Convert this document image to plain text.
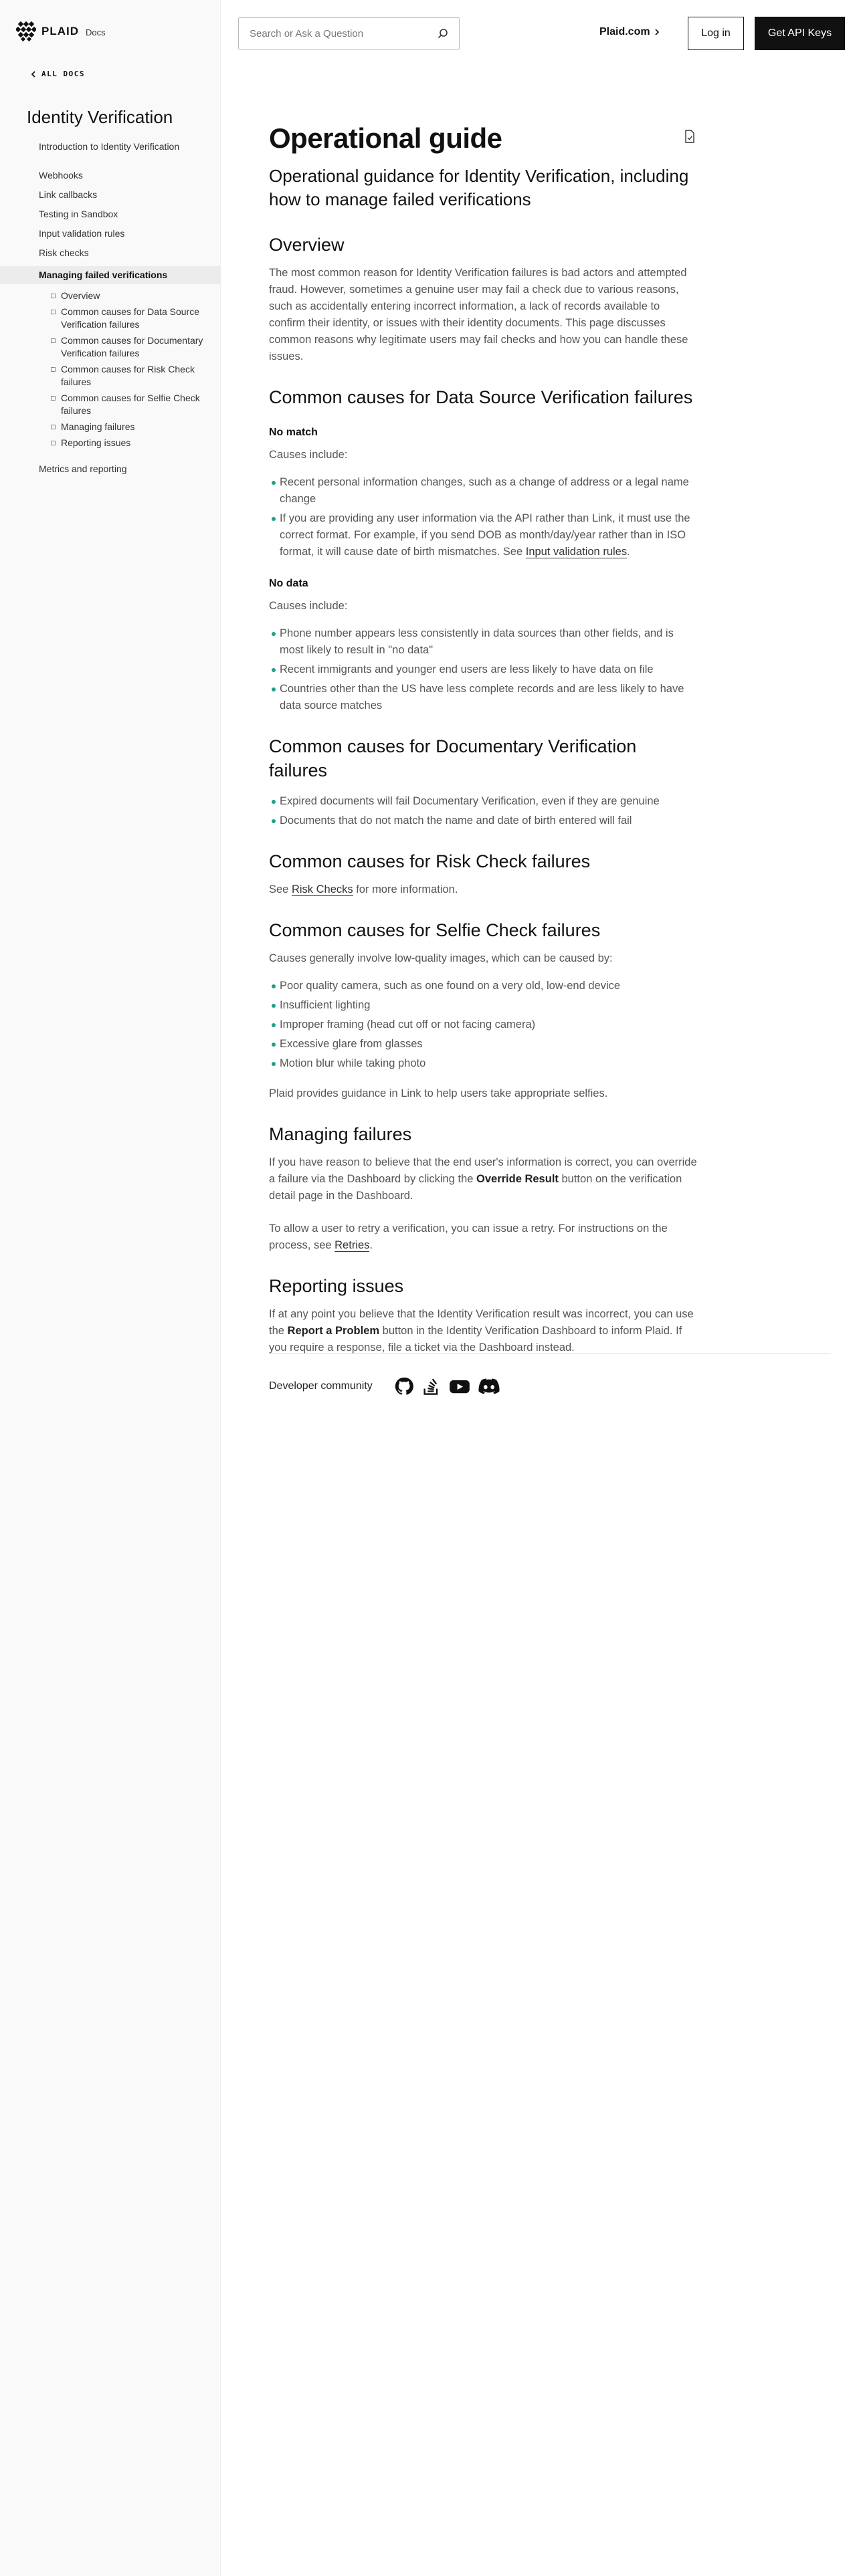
PLAID Docs
ALL DOCS
Identity Verification
Introduction to Identity Verification
Webhooks
Link callbacks
Testing in Sandbox
Input validation rules
Risk checks
Managing failed verifications
Overview
Common causes for Data Source Verification failures
Common causes for Documentary Verification failures
Common causes for Risk Check failures
Common causes for Selfie Check failures
Managing failures
Reporting issues
Metrics and reporting
Search or Ask a Question	Plaid.com	Log in	Get API Keys
Operational guide
Operational guidance for Identity Verification, including how to manage failed verifications
Overview

The most common reason for Identity Verification failures is bad actors and attempted fraud. However, sometimes a genuine user may fail a check due to various reasons, such as accidentally entering incorrect information, a lack of records available to confirm their identity, or issues with their identity documents. This page discusses common reasons why legitimate users may fail checks and how you can handle these issues.

Common causes for Data Source Verification failures
No match

Causes include:

Recent personal information changes, such as a change of address or a legal name change
If you are providing any user information via the API rather than Link, it must use the correct format. For example, if you send DOB as month/day/year rather than in ISO format, it will cause date of birth mismatches. See Input validation rules.
No data

Causes include:

Phone number appears less consistently in data sources than other fields, and is most likely to result in "no data"
Recent immigrants and younger end users are less likely to have data on file
Countries other than the US have less complete records and are less likely to have data source matches
Common causes for Documentary Verification failures
Expired documents will fail Documentary Verification, even if they are genuine
Documents that do not match the name and date of birth entered will fail
Common causes for Risk Check failures

See Risk Checks for more information.

Common causes for Selfie Check failures

Causes generally involve low-quality images, which can be caused by:

Poor quality camera, such as one found on a very old, low-end device
Insufficient lighting
Improper framing (head cut off or not facing camera)
Excessive glare from glasses
Motion blur while taking photo

Plaid provides guidance in Link to help users take appropriate selfies.

Managing failures

If you have reason to believe that the end user's information is correct, you can override a failure via the Dashboard by clicking the Override Result button on the verification detail page in the Dashboard.

To allow a user to retry a verification, you can issue a retry. For instructions on the process, see Retries.

Reporting issues

If at any point you believe that the Identity Verification result was incorrect, you can use the Report a Problem button in the Identity Verification Dashboard to inform Plaid. If you require a response, file a ticket via the Dashboard instead.

Developer community
